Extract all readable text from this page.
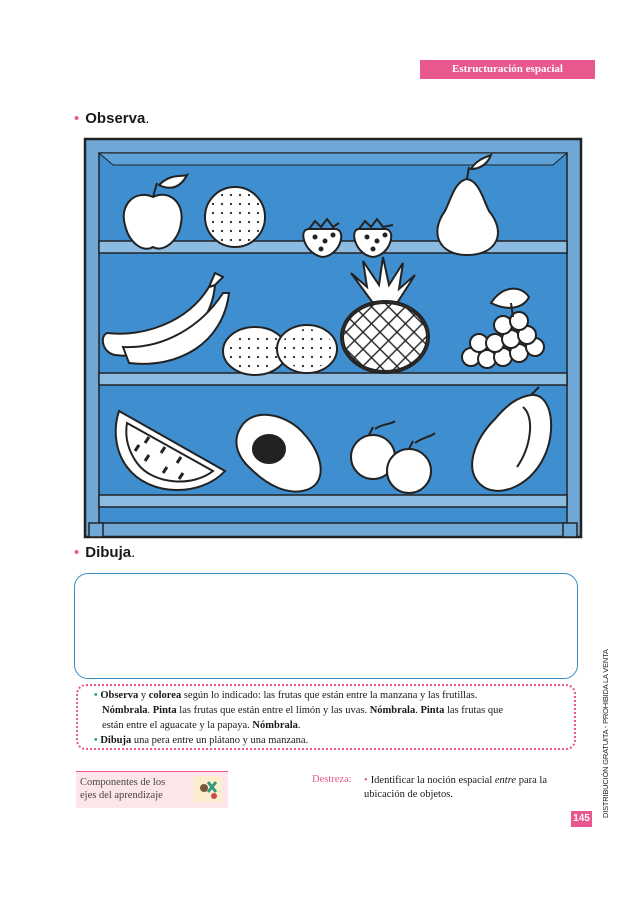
Estructuración espacial
• Observa.
• Dibuja.
• Observa y colorea según lo indicado: las frutas que están entre la manzana y las frutillas.
Nómbrala. Pinta las frutas que están entre el limón y las uvas. Nómbrala. Pinta las frutas que
están entre el aguacate y la papaya. Nómbrala.
• Dibuja una pera entre un plátano y una manzana.
Componentes de los
ejes del aprendizaje
Destreza: • Identificar la noción espacial entre para la ubicación de objetos.
145
DISTRIBUCIÓN GRATUITA - PROHIBIDA LA VENTA
